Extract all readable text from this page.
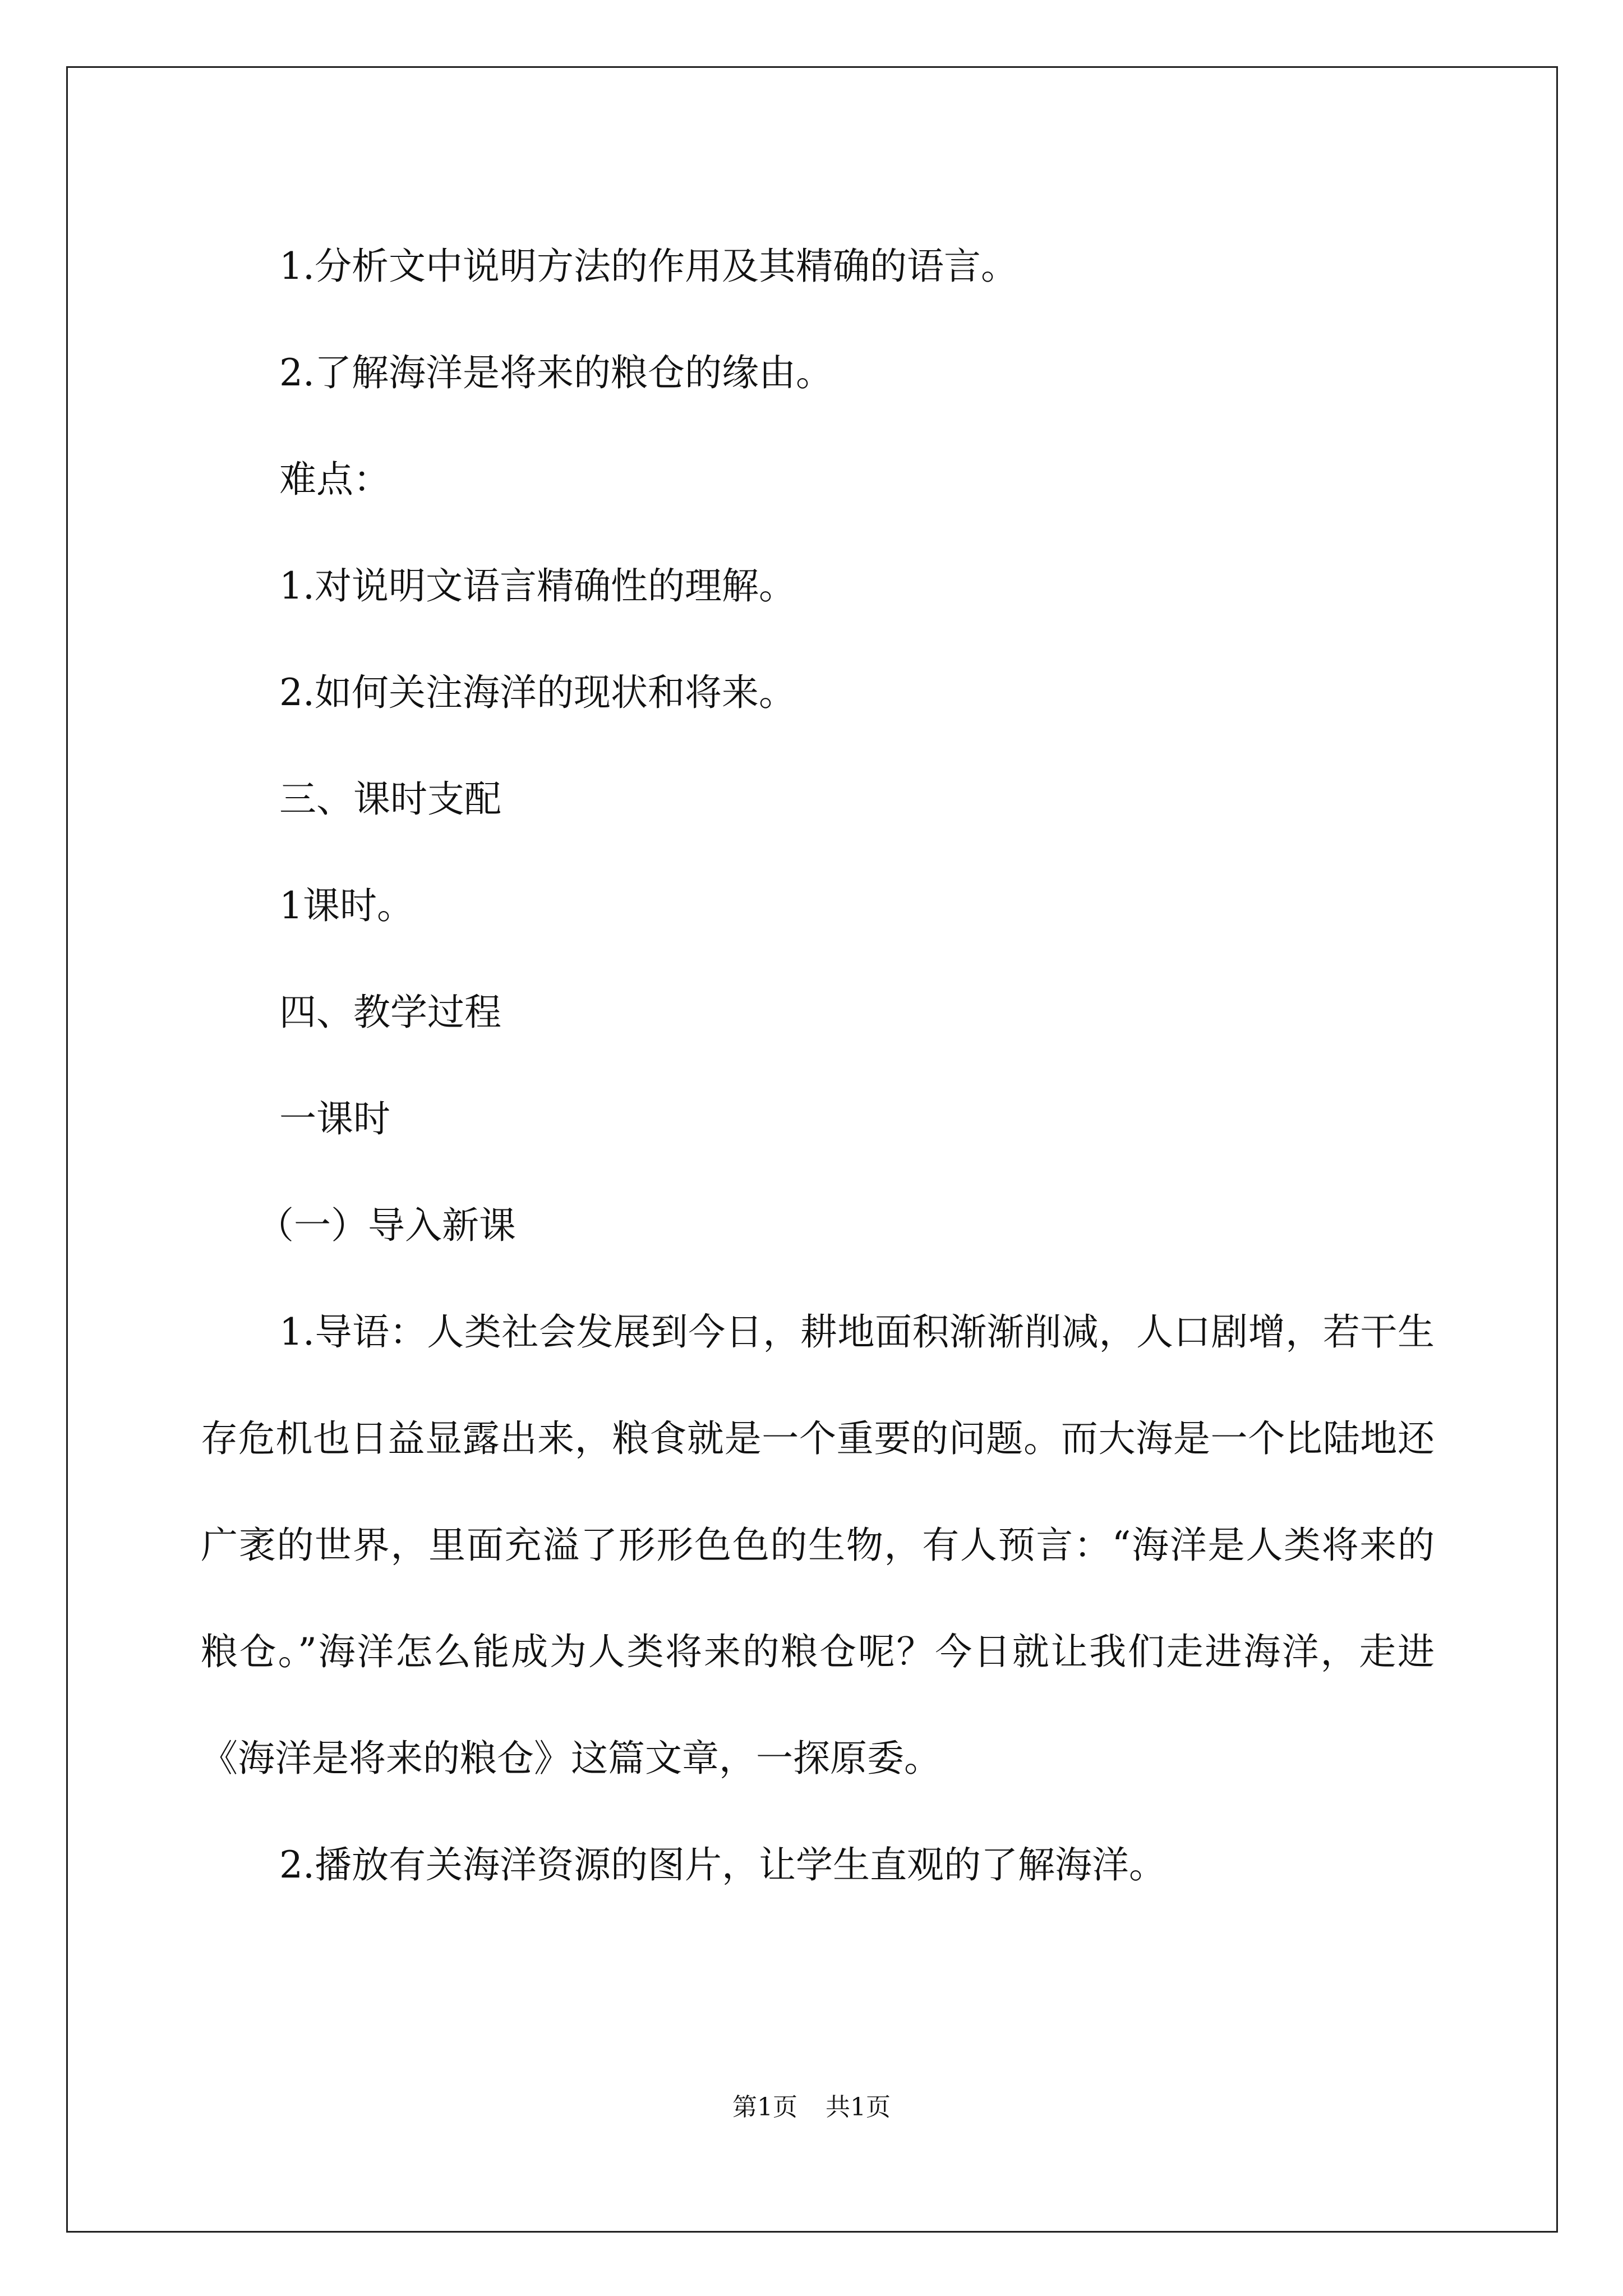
1.分析文中说明方法的作用及其精确的语言。

2.了解海洋是将来的粮仓的缘由。

难点：

1.对说明文语言精确性的理解。

2.如何关注海洋的现状和将来。

三、课时支配

1课时。

四、教学过程

一课时

（一）导入新课

1.导语：人类社会发展到今日，耕地面积渐渐削减，人口剧增，若干生存危机也日益显露出来，粮食就是一个重要的问题。而大海是一个比陆地还广袤的世界，里面充溢了形形色色的生物，有人预言：“海洋是人类将来的粮仓。”海洋怎么能成为人类将来的粮仓呢？今日就让我们走进海洋，走进《海洋是将来的粮仓》这篇文章，一探原委。

2.播放有关海洋资源的图片，让学生直观的了解海洋。

第1页 共1页
